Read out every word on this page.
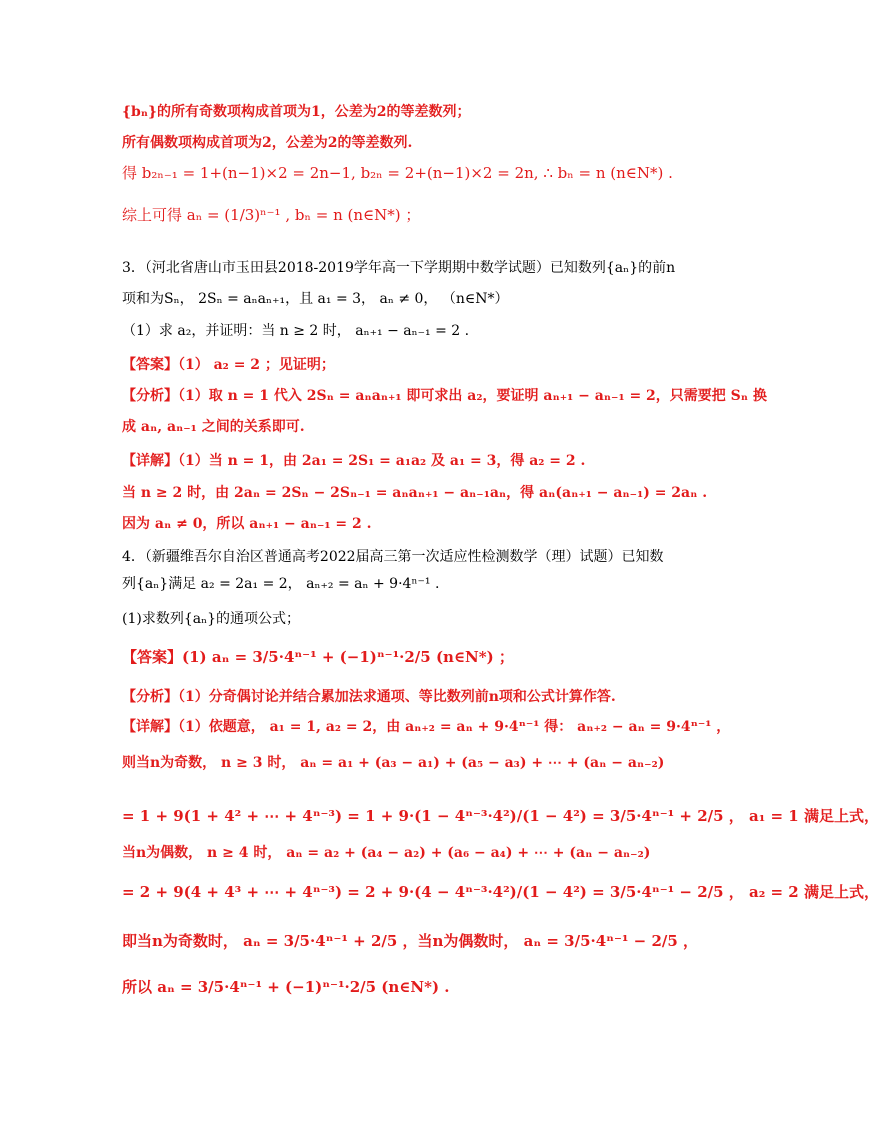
{bₙ}的所有奇数项构成首项为1，公差为2的等差数列；
所有偶数项构成首项为2，公差为2的等差数列.
得 b₂ₙ₋₁ = 1+(n−1)×2 = 2n−1, b₂ₙ = 2+(n−1)×2 = 2n, ∴ bₙ = n (n∈N*) .
综上可得 aₙ = (1/3)ⁿ⁻¹ , bₙ = n (n∈N*) ；
3．（河北省唐山市玉田县2018-2019学年高一下学期期中数学试题）已知数列{aₙ}的前n
项和为Sₙ， 2Sₙ = aₙaₙ₊₁，且 a₁ = 3， aₙ ≠ 0， （n∈N*）
（1）求 a₂，并证明：当 n ≥ 2 时， aₙ₊₁ − aₙ₋₁ = 2 .
【答案】（1） a₂ = 2 ；见证明；
【分析】（1）取 n = 1 代入 2Sₙ = aₙaₙ₊₁ 即可求出 a₂，要证明 aₙ₊₁ − aₙ₋₁ = 2，只需要把 Sₙ 换
成 aₙ, aₙ₋₁ 之间的关系即可.
【详解】（1）当 n = 1，由 2a₁ = 2S₁ = a₁a₂ 及 a₁ = 3，得 a₂ = 2 .
当 n ≥ 2 时，由 2aₙ = 2Sₙ − 2Sₙ₋₁ = aₙaₙ₊₁ − aₙ₋₁aₙ，得 aₙ(aₙ₊₁ − aₙ₋₁) = 2aₙ .
因为 aₙ ≠ 0，所以 aₙ₊₁ − aₙ₋₁ = 2 .
4．（新疆维吾尔自治区普通高考2022届高三第一次适应性检测数学（理）试题）已知数
列{aₙ}满足 a₂ = 2a₁ = 2， aₙ₊₂ = aₙ + 9·4ⁿ⁻¹ .
(1)求数列{aₙ}的通项公式；
【答案】(1) aₙ = 3/5·4ⁿ⁻¹ + (−1)ⁿ⁻¹·2/5 (n∈N*) ；
【分析】（1）分奇偶讨论并结合累加法求通项、等比数列前n项和公式计算作答.
【详解】（1）依题意， a₁ = 1, a₂ = 2，由 aₙ₊₂ = aₙ + 9·4ⁿ⁻¹ 得： aₙ₊₂ − aₙ = 9·4ⁿ⁻¹ ，
则当n为奇数， n ≥ 3 时， aₙ = a₁ + (a₃ − a₁) + (a₅ − a₃) + ⋯ + (aₙ − aₙ₋₂)
= 1 + 9(1 + 4² + ⋯ + 4ⁿ⁻³) = 1 + 9·(1 − 4ⁿ⁻³·4²)/(1 − 4²) = 3/5·4ⁿ⁻¹ + 2/5 ， a₁ = 1 满足上式，
当n为偶数， n ≥ 4 时， aₙ = a₂ + (a₄ − a₂) + (a₆ − a₄) + ⋯ + (aₙ − aₙ₋₂)
= 2 + 9(4 + 4³ + ⋯ + 4ⁿ⁻³) = 2 + 9·(4 − 4ⁿ⁻³·4²)/(1 − 4²) = 3/5·4ⁿ⁻¹ − 2/5 ， a₂ = 2 满足上式，
即当n为奇数时， aₙ = 3/5·4ⁿ⁻¹ + 2/5 ，当n为偶数时， aₙ = 3/5·4ⁿ⁻¹ − 2/5 ，
所以 aₙ = 3/5·4ⁿ⁻¹ + (−1)ⁿ⁻¹·2/5 (n∈N*) .
